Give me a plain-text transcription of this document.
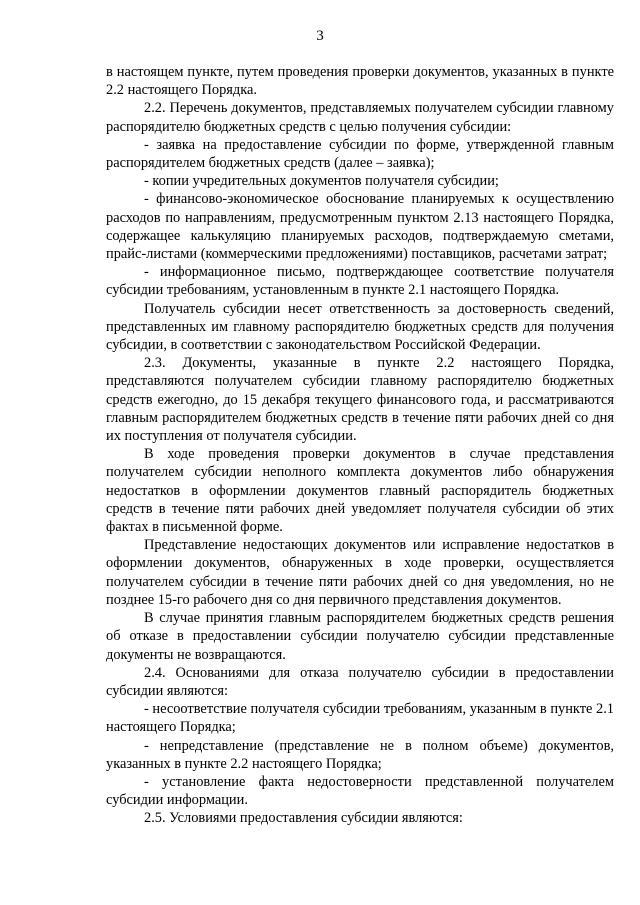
3

в настоящем пункте, путем проведения проверки документов, указанных в пункте 2.2 настоящего Порядка.

2.2. Перечень документов, представляемых получателем субсидии главному распорядителю бюджетных средств с целью получения субсидии:

- заявка на предоставление субсидии по форме, утвержденной главным распорядителем бюджетных средств (далее – заявка);

- копии учредительных документов получателя субсидии;

- финансово-экономическое обоснование планируемых к осуществлению расходов по направлениям, предусмотренным пунктом 2.13 настоящего Порядка, содержащее калькуляцию планируемых расходов, подтверждаемую сметами, прайс-листами (коммерческими предложениями) поставщиков, расчетами затрат;

- информационное письмо, подтверждающее соответствие получателя субсидии требованиям, установленным в пункте 2.1 настоящего Порядка.

Получатель субсидии несет ответственность за достоверность сведений, представленных им главному распорядителю бюджетных средств для получения субсидии, в соответствии с законодательством Российской Федерации.

2.3. Документы, указанные в пункте 2.2 настоящего Порядка, представляются получателем субсидии главному распорядителю бюджетных средств ежегодно, до 15 декабря текущего финансового года, и рассматриваются главным распорядителем бюджетных средств в течение пяти рабочих дней со дня их поступления от получателя субсидии.

В ходе проведения проверки документов в случае представления получателем субсидии неполного комплекта документов либо обнаружения недостатков в оформлении документов главный распорядитель бюджетных средств в течение пяти рабочих дней уведомляет получателя субсидии об этих фактах в письменной форме.

Представление недостающих документов или исправление недостатков в оформлении документов, обнаруженных в ходе проверки, осуществляется получателем субсидии в течение пяти рабочих дней со дня уведомления, но не позднее 15-го рабочего дня со дня первичного представления документов.

В случае принятия главным распорядителем бюджетных средств решения об отказе в предоставлении субсидии получателю субсидии представленные документы не возвращаются.

2.4. Основаниями для отказа получателю субсидии в предоставлении субсидии являются:

- несоответствие получателя субсидии требованиям, указанным в пункте 2.1 настоящего Порядка;

- непредставление (представление не в полном объеме) документов, указанных в пункте 2.2 настоящего Порядка;

- установление факта недостоверности представленной получателем субсидии информации.

2.5. Условиями предоставления субсидии являются:
